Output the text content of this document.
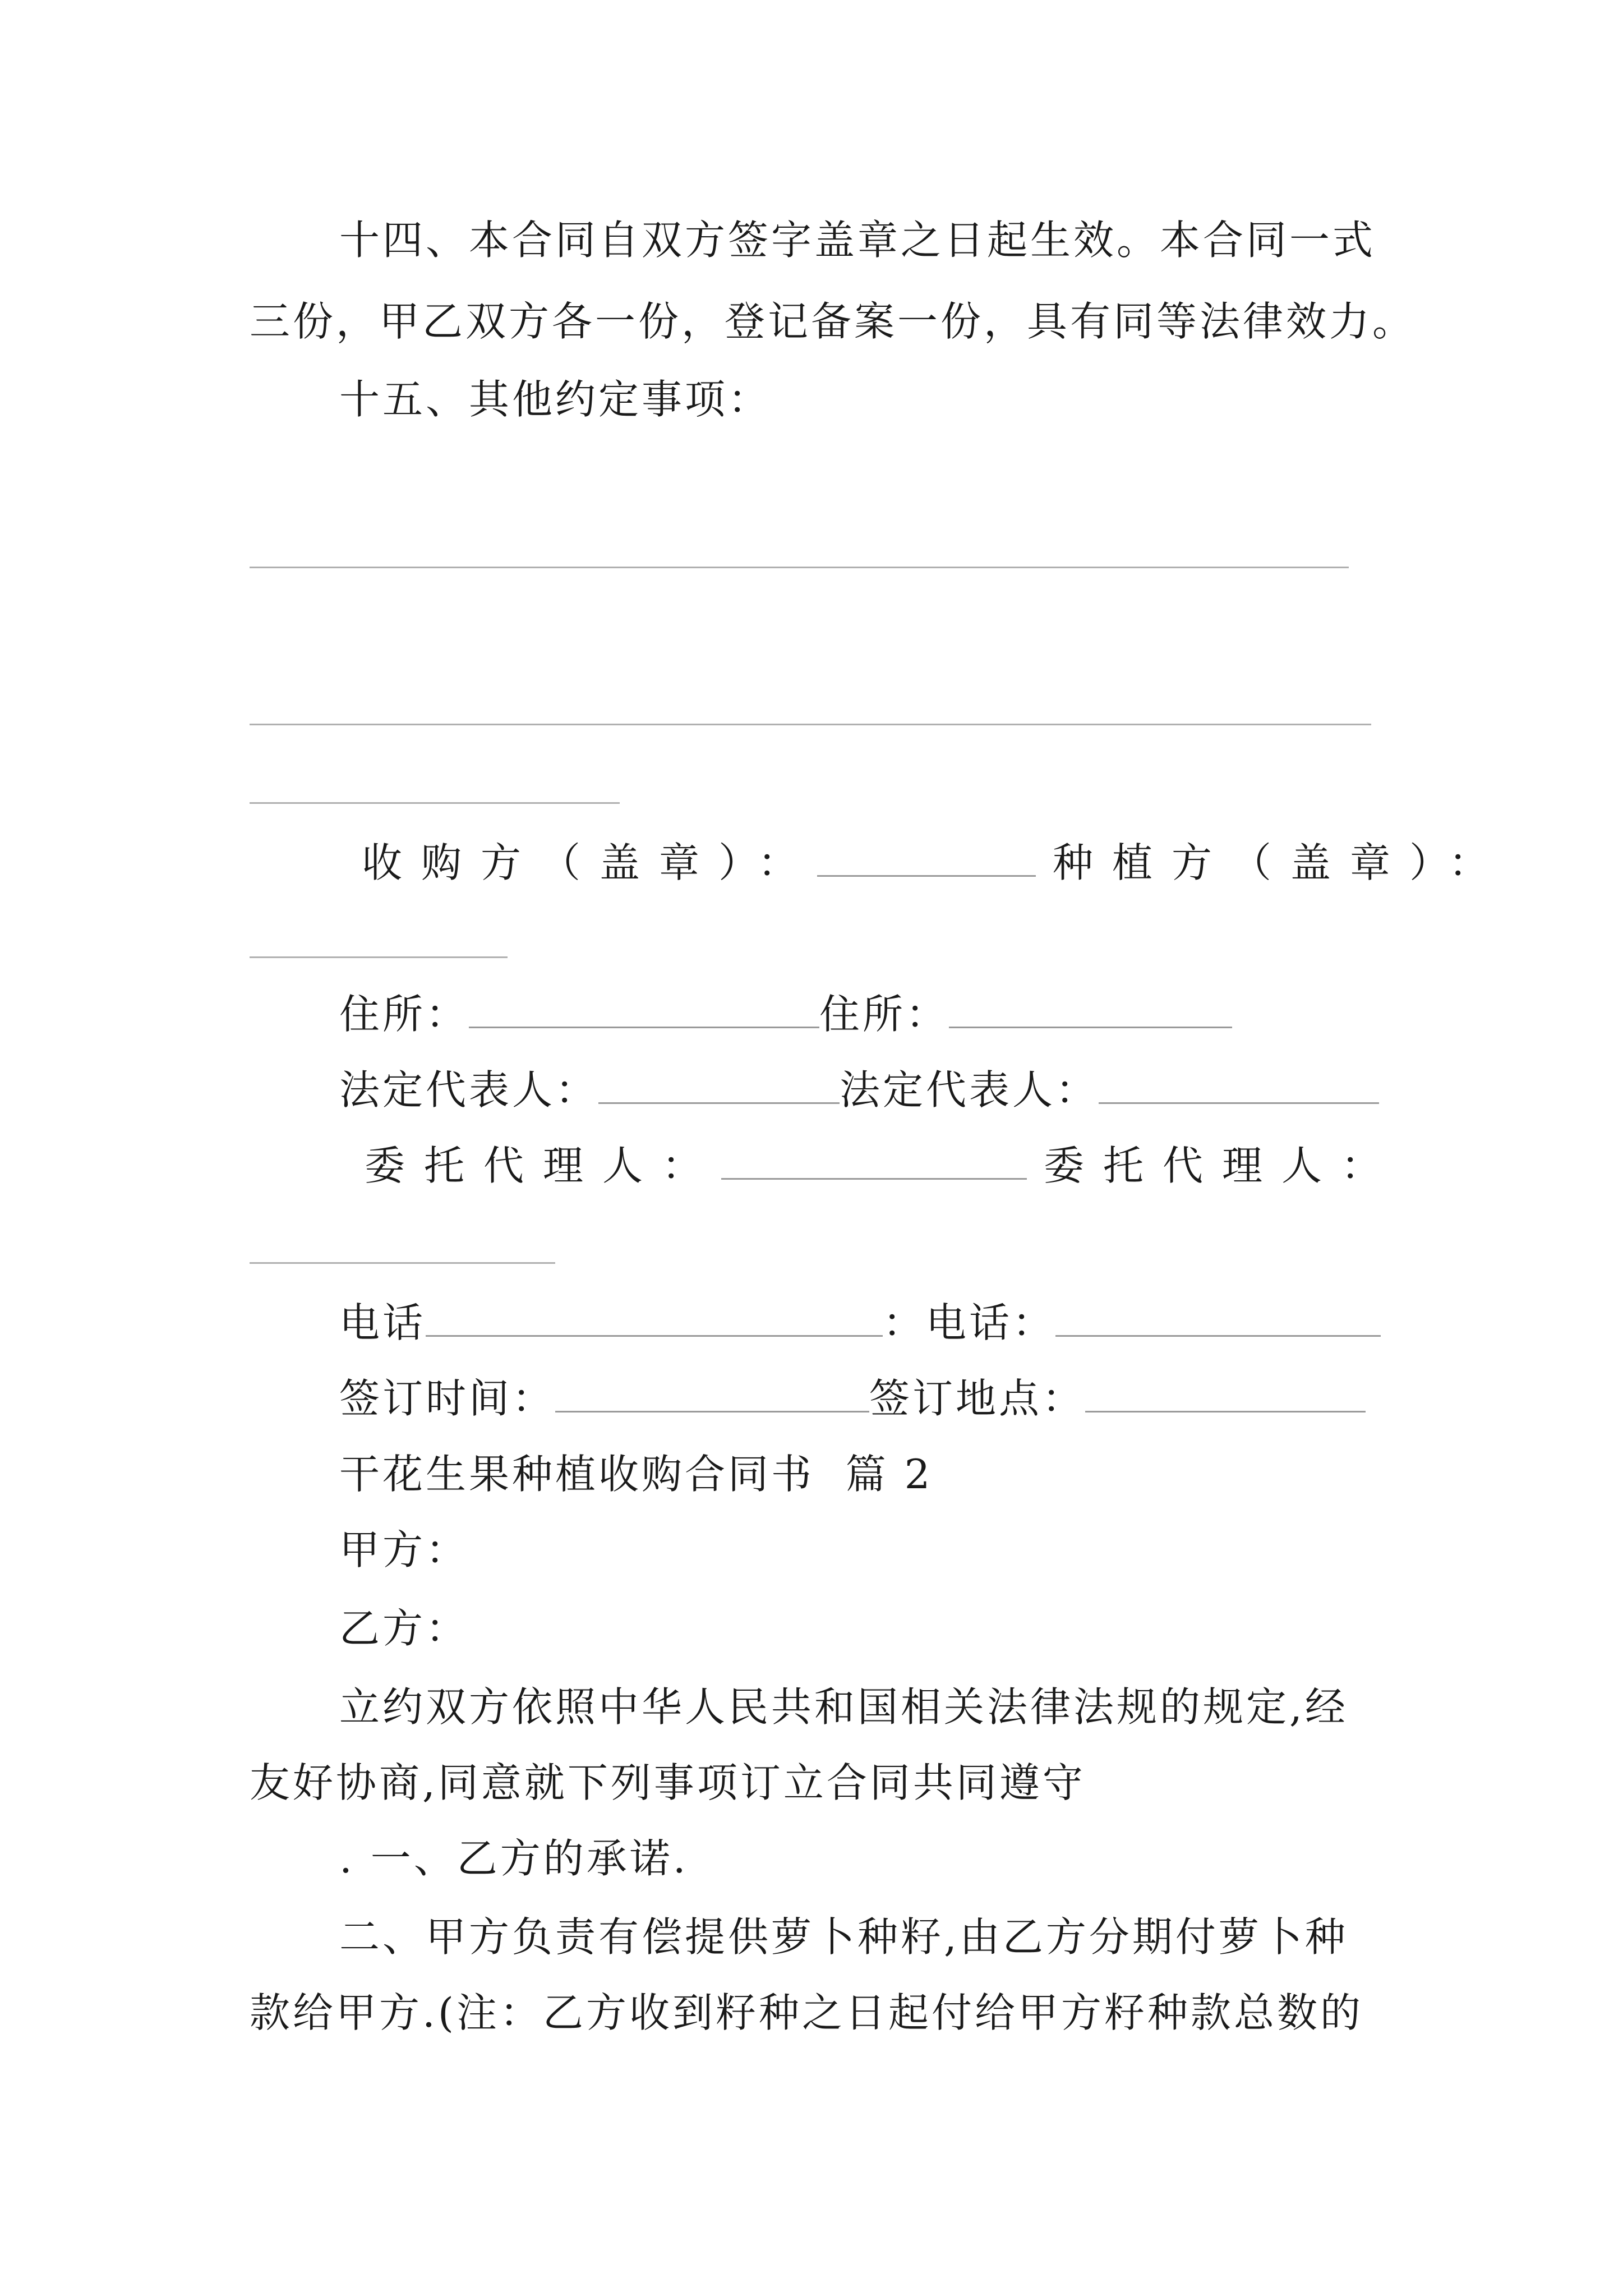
十四、本合同自双方签字盖章之日起生效。本合同一式

三份，甲乙双方各一份，登记备案一份，具有同等法律效力。

十五、其他约定事项：

收购方（盖章）：	种植方（盖章）：

住所：	住所：

法定代表人：	法定代表人：

委托代理人：	委托代理人：

电话	：电话：

签订时间：	签订地点：

干花生果种植收购合同书  篇 2

甲方：

乙方：

立约双方依照中华人民共和国相关法律法规的规定,经

友好协商,同意就下列事项订立合同共同遵守

. 一、乙方的承诺.

二、甲方负责有偿提供萝卜种籽,由乙方分期付萝卜种

款给甲方.(注：乙方收到籽种之日起付给甲方籽种款总数的
